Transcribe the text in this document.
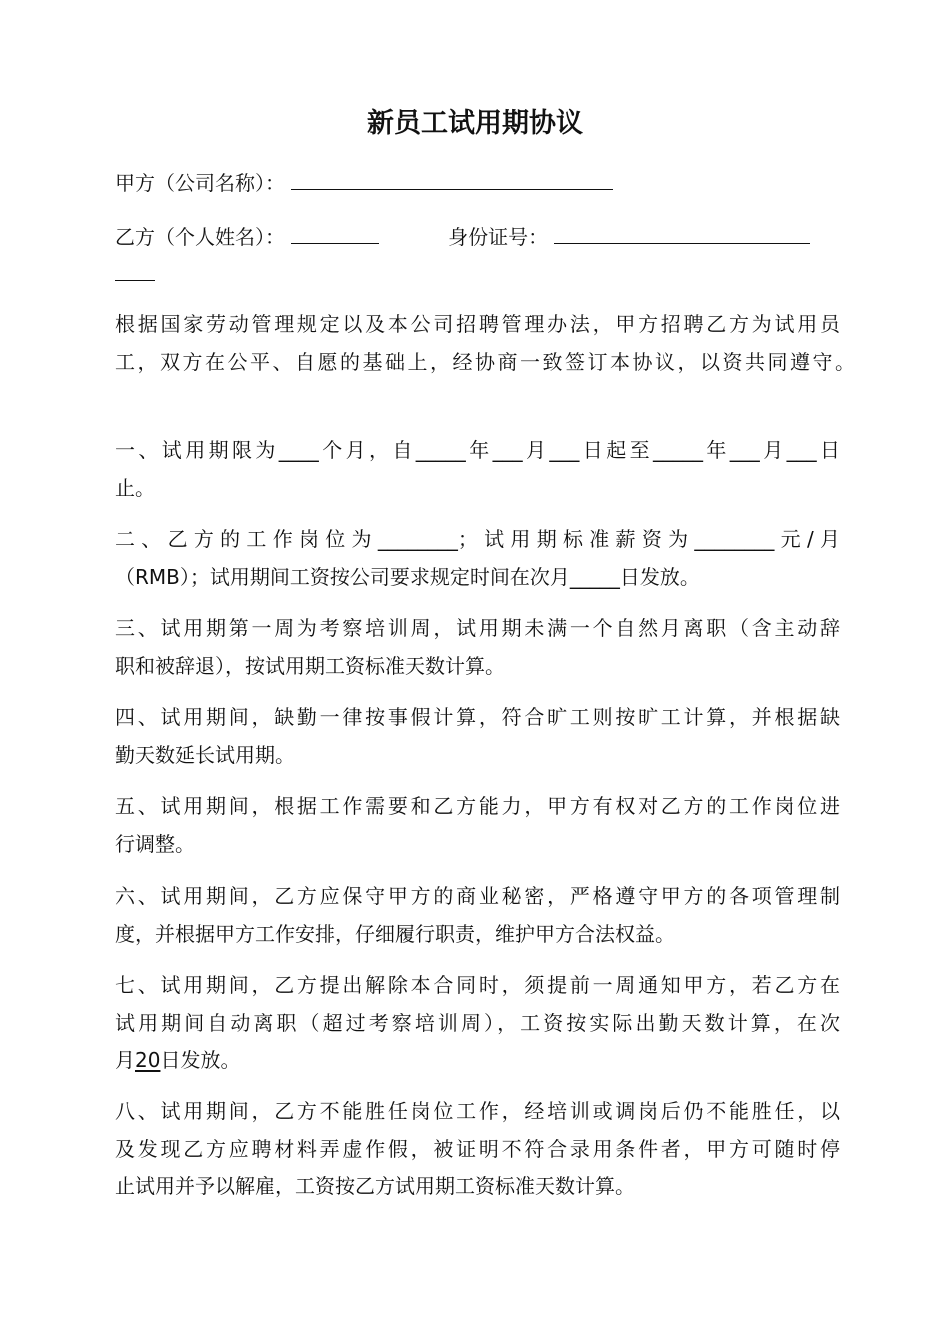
新员工试用期协议
甲方（公司名称）：
乙方（个人姓名）：	身份证号：
根据国家劳动管理规定以及本公司招聘管理办法，甲方招聘乙方为试用员
工，双方在公平、自愿的基础上，经协商一致签订本协议，以资共同遵守。
一、试用期限为____个月，自_____年___月___日起至_____年___月___日
止。
二、乙方的工作岗位为________；试用期标准薪资为________元/月
（RMB）；试用期间工资按公司要求规定时间在次月_____日发放。
三、试用期第一周为考察培训周，试用期未满一个自然月离职（含主动辞
职和被辞退），按试用期工资标准天数计算。
四、试用期间，缺勤一律按事假计算，符合旷工则按旷工计算，并根据缺
勤天数延长试用期。
五、试用期间，根据工作需要和乙方能力，甲方有权对乙方的工作岗位进
行调整。
六、试用期间，乙方应保守甲方的商业秘密，严格遵守甲方的各项管理制
度，并根据甲方工作安排，仔细履行职责，维护甲方合法权益。
七、试用期间，乙方提出解除本合同时，须提前一周通知甲方，若乙方在
试用期间自动离职（超过考察培训周），工资按实际出勤天数计算，在次
月20日发放。
八、试用期间，乙方不能胜任岗位工作，经培训或调岗后仍不能胜任，以
及发现乙方应聘材料弄虚作假，被证明不符合录用条件者，甲方可随时停
止试用并予以解雇，工资按乙方试用期工资标准天数计算。
